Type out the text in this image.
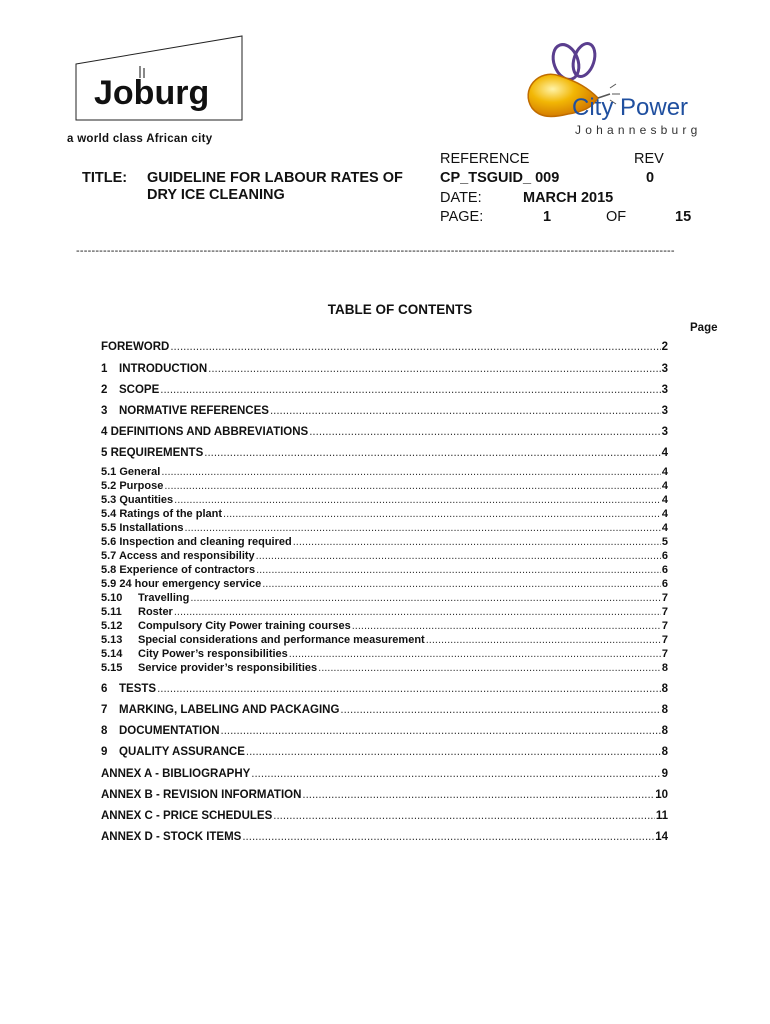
Joburg
a world class African city
City Power
Johannesburg
TITLE: GUIDELINE FOR LABOUR RATES OF
DRY ICE CLEANING
REFERENCE	REV
CP_TSGUID_ 009	0
DATE:	MARCH 2015
PAGE:	1	OF	15
-----------------------------------------------------------------------------------------------------------------------------------------------------------
TABLE OF CONTENTS
Page
FOREWORD .....	2
1	INTRODUCTION .....	3
2	SCOPE .....	3
3	NORMATIVE REFERENCES .....	3
4 DEFINITIONS AND ABBREVIATIONS .....	3
5 REQUIREMENTS .....	4
5.1 General .....	4
5.2 Purpose .....	4
5.3 Quantities .....	4
5.4 Ratings of the plant .....	4
5.5 Installations .....	4
5.6 Inspection and cleaning required .....	5
5.7 Access and responsibility .....	6
5.8 Experience of contractors .....	6
5.9 24 hour emergency service .....	6
5.10	Travelling .....	7
5.11	Roster .....	7
5.12	Compulsory City Power training courses .....	7
5.13	Special considerations and performance measurement .....	7
5.14	City Power’s responsibilities .....	7
5.15	Service provider’s responsibilities .....	8
6	TESTS .....	8
7	MARKING, LABELING AND PACKAGING .....	8
8	DOCUMENTATION .....	8
9	QUALITY ASSURANCE .....	8
ANNEX A - BIBLIOGRAPHY .....	9
ANNEX B - REVISION INFORMATION .....	10
ANNEX C - PRICE SCHEDULES .....	11
ANNEX D - STOCK ITEMS .....	14
